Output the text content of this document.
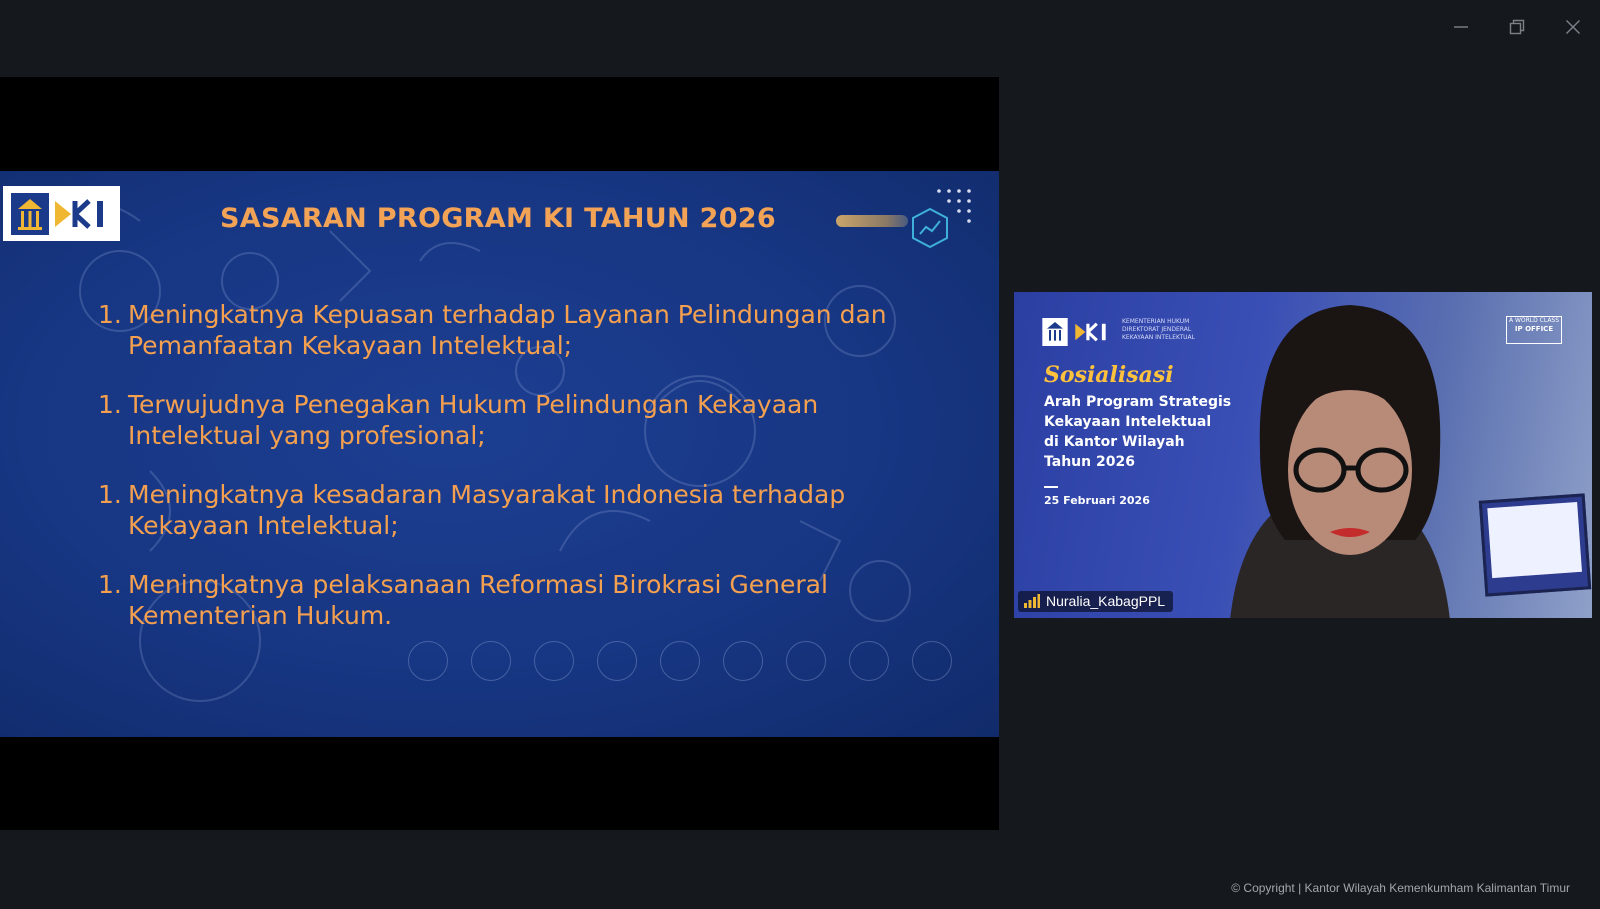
SASARAN PROGRAM KI TAHUN 2026
1. Meningkatnya Kepuasan terhadap Layanan Pelindungan dan Pemanfaatan Kekayaan Intelektual;
1. Terwujudnya Penegakan Hukum Pelindungan Kekayaan Intelektual yang profesional;
1. Meningkatnya kesadaran Masyarakat Indonesia terhadap Kekayaan Intelektual;
1. Meningkatnya pelaksanaan Reformasi Birokrasi General Kementerian Hukum.
KEMENTERIAN HUKUM
DIREKTORAT JENDERAL
KEKAYAAN INTELEKTUAL
A WORLD CLASS
IP OFFICE
Sosialisasi
Arah Program Strategis
Kekayaan Intelektual
di Kantor Wilayah
Tahun 2026
25 Februari 2026
Nuralia_KabagPPL
© Copyright | Kantor Wilayah Kemenkumham Kalimantan Timur
